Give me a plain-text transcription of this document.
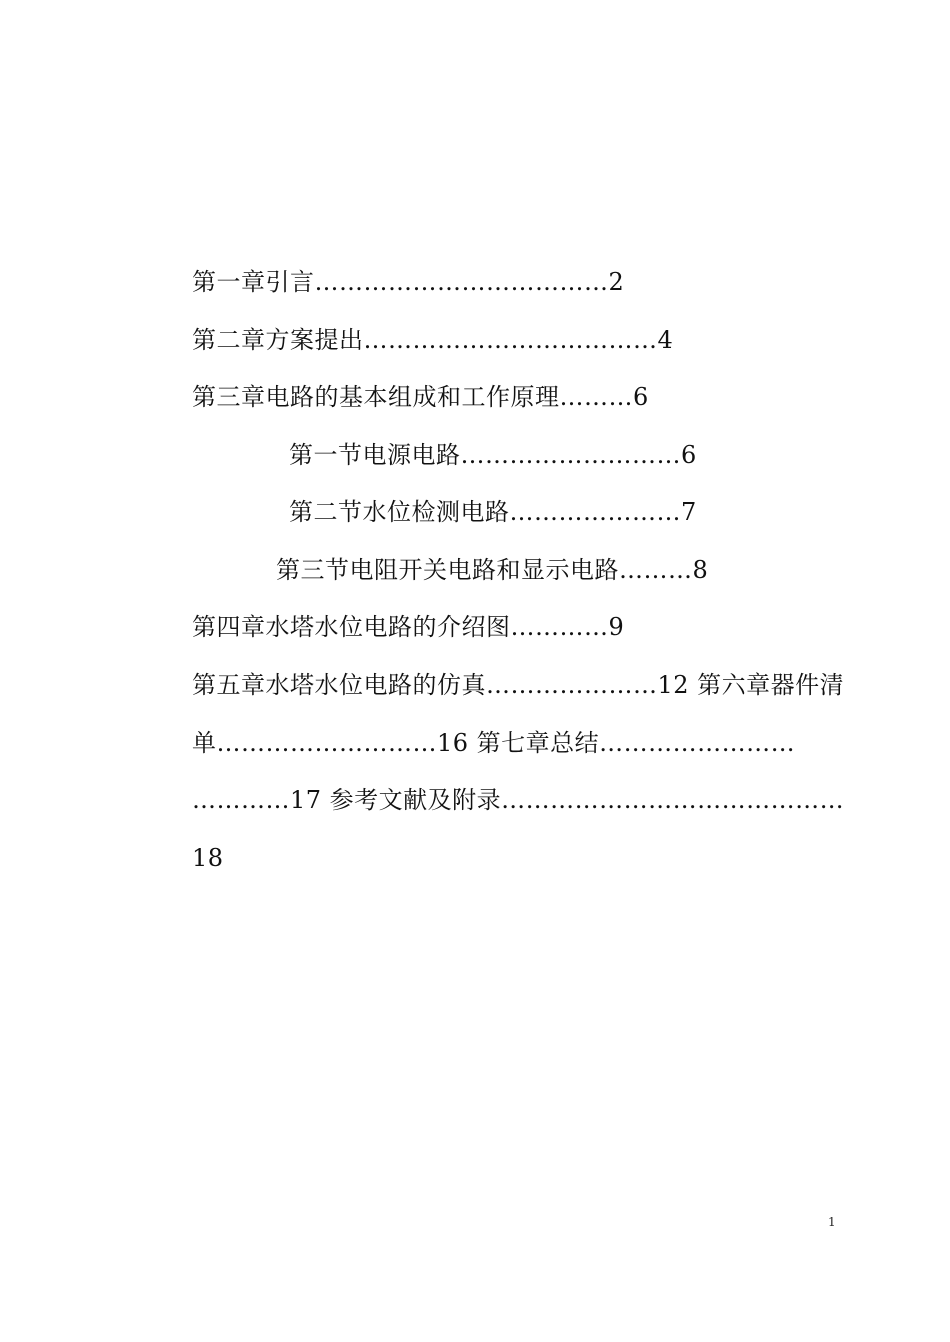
第一章引言………………………………2
第二章方案提出………………………………4
第三章电路的基本组成和工作原理………6
第一节电源电路………………………6
第二节水位检测电路…………………7
第三节电阻开关电路和显示电路………8
第四章水塔水位电路的介绍图…………9
第五章水塔水位电路的仿真…………………12 第六章器件清
单………………………16 第七章总结……………………
…………17 参考文献及附录……………………………………
18
1
